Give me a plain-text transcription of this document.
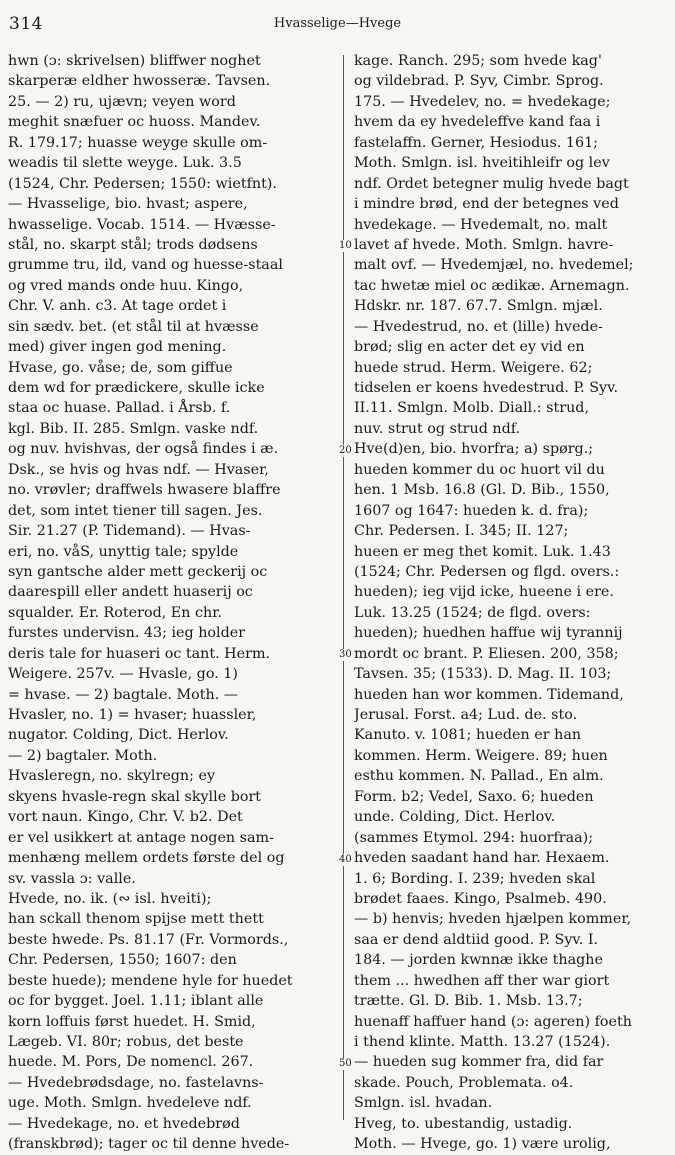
314	Hvasselige—Hvege
hwn (ɔ: skrivelsen) bliffwer noghet
skarperæ eldher hwosseræ. Tavsen.
25. — 2) ru, ujævn; veyen word
meghit snæfuer oc huoss. Mandev.
R. 179.17; huasse weyge skulle om-
weadis til slette weyge. Luk. 3.5
(1524, Chr. Pedersen; 1550: wietfnt).
— Hvasselige, bio. hvast; aspere,
hwasselige. Vocab. 1514. — Hvæsse-
stål, no. skarpt stål; trods dødsens
grumme tru, ild, vand og huesse-staal
og vred mands onde huu. Kingo,
Chr. V. anh. c3. At tage ordet i
sin sædv. bet. (et stål til at hvæsse
med) giver ingen god mening.
Hvase, go. våse; de, som giffue
dem wd for prædickere, skulle icke
staa oc huase. Pallad. i Årsb. f.
kgl. Bib. II. 285. Smlgn. vaske ndf.
og nuv. hvishvas, der også findes i æ.
Dsk., se hvis og hvas ndf. — Hvaser,
no. vrøvler; draffwels hwasere blaffre
det, som intet tiener till sagen. Jes.
Sir. 21.27 (P. Tidemand). — Hvas-
eri, no. våS, unyttig tale; spylde
syn gantsche alder mett geckerij oc
daarespill eller andett huaserij oc
squalder. Er. Roterod, En chr.
furstes undervisn. 43; ieg holder
deris tale for huaseri oc tant. Herm.
Weigere. 257v. — Hvasle, go. 1)
= hvase. — 2) bagtale. Moth. —
Hvasler, no. 1) = hvaser; huassler,
nugator. Colding, Dict. Herlov.
— 2) bagtaler. Moth.
Hvasleregn, no. skylregn; ey
skyens hvasle-regn skal skylle bort
vort naun. Kingo, Chr. V. b2. Det
er vel usikkert at antage nogen sam-
menhæng mellem ordets første del og
sv. vassla ɔ: valle.
Hvede, no. ik. (∾ isl. hveiti);
han sckall thenom spijse mett thett
beste hwede. Ps. 81.17 (Fr. Vormords.,
Chr. Pedersen, 1550; 1607: den
beste huede); mendene hyle for huedet
oc for bygget. Joel. 1.11; iblant alle
korn loffuis først huedet. H. Smid,
Lægeb. VI. 80r; robus, det beste
huede. M. Pors, De nomencl. 267.
— Hvedebrødsdage, no. fastelavns-
uge. Moth. Smlgn. hvedeleve ndf.
— Hvedekage, no. et hvedebrød
(franskbrød); tager oc til denne hvede-
kage. Ranch. 295; som hvede kag'
og vildebrad. P. Syv, Cimbr. Sprog.
175. — Hvedelev, no. = hvedekage;
hvem da ey hvedeleffve kand faa i
fastelaffn. Gerner, Hesiodus. 161;
Moth. Smlgn. isl. hveitihleifr og lev
ndf. Ordet betegner mulig hvede bagt
i mindre brød, end der betegnes ved
hvedekage. — Hvedemalt, no. malt
lavet af hvede. Moth. Smlgn. havre-
malt ovf. — Hvedemjæl, no. hvedemel;
tac hwetæ miel oc ædikæ. Arnemagn.
Hdskr. nr. 187. 67.7. Smlgn. mjæl.
— Hvedestrud, no. et (lille) hvede-
brød; slig en acter det ey vid en
huede strud. Herm. Weigere. 62;
tidselen er koens hvedestrud. P. Syv.
II.11. Smlgn. Molb. Diall.: strud,
nuv. strut og strud ndf.
Hve(d)en, bio. hvorfra; a) spørg.;
hueden kommer du oc huort vil du
hen. 1 Msb. 16.8 (Gl. D. Bib., 1550,
1607 og 1647: hueden k. d. fra);
Chr. Pedersen. I. 345; II. 127;
hueen er meg thet komit. Luk. 1.43
(1524; Chr. Pedersen og flgd. overs.:
hueden); ieg vijd icke, hueene i ere.
Luk. 13.25 (1524; de flgd. overs:
hueden); huedhen haffue wij tyrannij
mordt oc brant. P. Eliesen. 200, 358;
Tavsen. 35; (1533). D. Mag. II. 103;
hueden han wor kommen. Tidemand,
Jerusal. Forst. a4; Lud. de. sto.
Kanuto. v. 1081; hueden er han
kommen. Herm. Weigere. 89; huen
esthu kommen. N. Pallad., En alm.
Form. b2; Vedel, Saxo. 6; hueden
unde. Colding, Dict. Herlov.
(sammes Etymol. 294: huorfraa);
hveden saadant hand har. Hexaem.
1. 6; Bording. I. 239; hveden skal
brødet faaes. Kingo, Psalmeb. 490.
— b) henvis; hveden hjælpen kommer,
saa er dend aldtiid good. P. Syv. I.
184. — jorden kwnnæ ikke thaghe
them ... hwedhen aff ther war giort
trætte. Gl. D. Bib. 1. Msb. 13.7;
huenaff haffuer hand (ɔ: ageren) foeth
i thend klinte. Matth. 13.27 (1524).
— hueden sug kommer fra, did far
skade. Pouch, Problemata. o4.
Smlgn. isl. hvadan.
Hveg, to. ubestandig, ustadig.
Moth. — Hvege, go. 1) være urolig,
10
20
30
40
50
